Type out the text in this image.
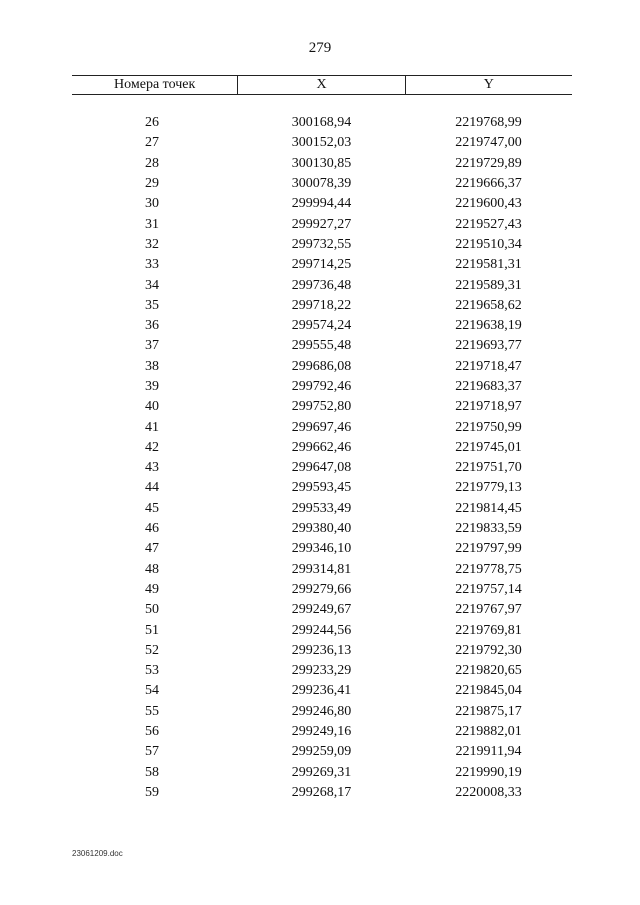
279
Номера точек	X	Y
26	300168,94	2219768,99
27	300152,03	2219747,00
28	300130,85	2219729,89
29	300078,39	2219666,37
30	299994,44	2219600,43
31	299927,27	2219527,43
32	299732,55	2219510,34
33	299714,25	2219581,31
34	299736,48	2219589,31
35	299718,22	2219658,62
36	299574,24	2219638,19
37	299555,48	2219693,77
38	299686,08	2219718,47
39	299792,46	2219683,37
40	299752,80	2219718,97
41	299697,46	2219750,99
42	299662,46	2219745,01
43	299647,08	2219751,70
44	299593,45	2219779,13
45	299533,49	2219814,45
46	299380,40	2219833,59
47	299346,10	2219797,99
48	299314,81	2219778,75
49	299279,66	2219757,14
50	299249,67	2219767,97
51	299244,56	2219769,81
52	299236,13	2219792,30
53	299233,29	2219820,65
54	299236,41	2219845,04
55	299246,80	2219875,17
56	299249,16	2219882,01
57	299259,09	2219911,94
58	299269,31	2219990,19
59	299268,17	2220008,33
23061209.doc
